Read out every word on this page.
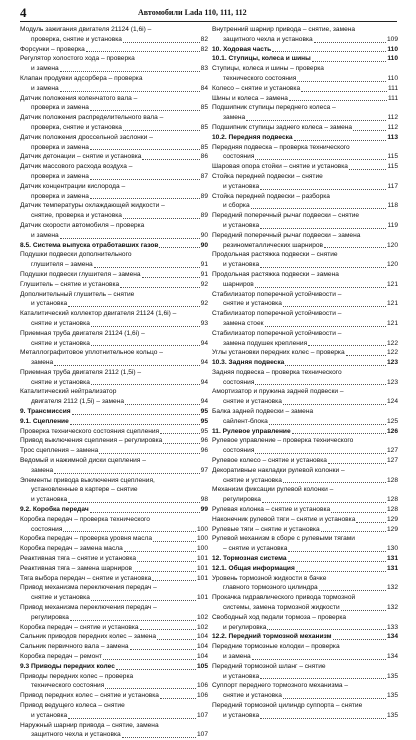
4	Автомобили Lada 110, 111, 112
Модуль зажигания двигателя 21124 (1,6i) –
проверка, снятие и установка	82
Форсунки – проверка	82
Регулятор холостого хода – проверка
и замена	83
Клапан продувки адсорбера – проверка
и замена	84
Датчик положения коленчатого вала –
проверка и замена	85
Датчик положения распределительного вала –
проверка, снятие и установка	85
Датчик положения дроссельной заслонки –
проверка и замена	85
Датчик детонации – снятие и установка	86
Датчик массового расхода воздуха –
проверка и замена	87
Датчик концентрации кислорода –
проверка и замена	89
Датчик температуры охлаждающей жидкости –
снятие, проверка и установка	89
Датчик скорости автомобиля – проверка
и замена	90
8.5. Система выпуска отработавших газов	90
Подушки подвески дополнительного
глушителя – замена	91
Подушки подвески глушителя – замена	91
Глушитель – снятие и установка	92
Дополнительный глушитель – снятие
и установка	92
Каталитический коллектор двигателя 21124 (1,6i) –
снятие и установка	93
Приемная труба двигателя 21124 (1,6i) –
снятие и установка	94
Металлографитовое уплотнительное кольцо –
замена	94
Приемная труба двигателя 2112 (1,5i) –
снятие и установка	94
Каталитический нейтрализатор
двигателя 2112 (1,5i) – замена	94
9. Трансмиссия	95
9.1. Сцепление	95
Проверка технического состояния сцепления	95
Привод выключения сцепления – регулировка	96
Трос сцепления – замена	96
Ведомый и нажимной диски сцепления –
замена	97
Элементы привода выключения сцепления,
установленные в картере – снятие
и установка	98
9.2. Коробка передач	99
Коробка передач – проверка технического
состояния	100
Коробка передач – проверка уровня масла	100
Коробка передач – замена масла	100
Реактивная тяга – снятие и установка	101
Реактивная тяга – замена шарниров	101
Тяга выбора передач – снятие и установка	101
Привод механизма переключения передач –
снятие и установка	101
Привод механизма переключения передач –
регулировка	102
Коробка передач – снятие и установка	102
Сальник приводов передних колес – замена	104
Сальник первичного вала – замена	104
Коробка передач – ремонт	104
9.3 Приводы передних колес	105
Приводы передних колес – проверка
технического состояния	106
Привод передних колес – снятие и установка	106
Привод ведущего колеса – снятие
и установка	107
Наружный шарнир привода – снятие, замена
защитного чехла и установка	107
Внутренний шарнир привода – снятие, замена
защитного чехла и установка	109
10. Ходовая часть	110
10.1. Ступицы, колеса и шины	110
Ступицы, колеса и шины – проверка
технического состояния	110
Колесо – снятие и установка	111
Шины и колеса – замена	111
Подшипник ступицы переднего колеса –
замена	112
Подшипник ступицы заднего колеса – замена	112
10.2. Передняя подвеска	113
Передняя подвеска – проверка технического
состояния	115
Шаровая опора стойки – снятие и установка	115
Стойка передней подвески – снятие
и установка	117
Стойка передней подвески – разборка
и сборка	118
Передний поперечный рычаг подвески – снятие
и установка	119
Передний поперечный рычаг подвески – замена
резинометаллических шарниров	120
Продольная растяжка подвески – снятие
и установка	120
Продольная растяжка подвески – замена
шарниров	121
Стабилизатор поперечной устойчивости –
снятие и установка	121
Стабилизатор поперечной устойчивости –
замена стоек	121
Стабилизатор поперечной устойчивости –
замена подушек крепления	122
Углы установки передних колес – проверка	122
10.3. Задняя подвеска	123
Задняя подвеска – проверка технического
состояния	123
Амортизатор и пружина задней подвески –
снятие и установка	124
Балка задней подвески – замена
сайлент-блока	125
11. Рулевое управление	126
Рулевое управление – проверка технического
состояния	127
Рулевое колесо – снятие и установка	127
Декоративные накладки рулевой колонки –
снятие и установка	128
Механизм фиксации рулевой колонки –
регулировка	128
Рулевая колонка – снятие и установка	128
Наконечник рулевой тяги – снятие и установка	129
Рулевые тяги – снятие и установка	129
Рулевой механизм в сборе с рулевыми тягами
– снятие и установка	130
12. Тормозная система	131
12.1. Общая информация	131
Уровень тормозной жидкости в бачке
главного тормозного цилиндра	132
Прокачка гидравлического привода тормозной
системы, замена тормозной жидкости	132
Свободный ход педали тормоза – проверка
и регулировка	133
12.2. Передний тормозной механизм	134
Передние тормозные колодки – проверка
и замена	134
Передний тормозной шланг – снятие
и установка	135
Суппорт переднего тормозного механизма –
снятие и установка	135
Передний тормозной цилиндр суппорта – снятие
и установка	135
